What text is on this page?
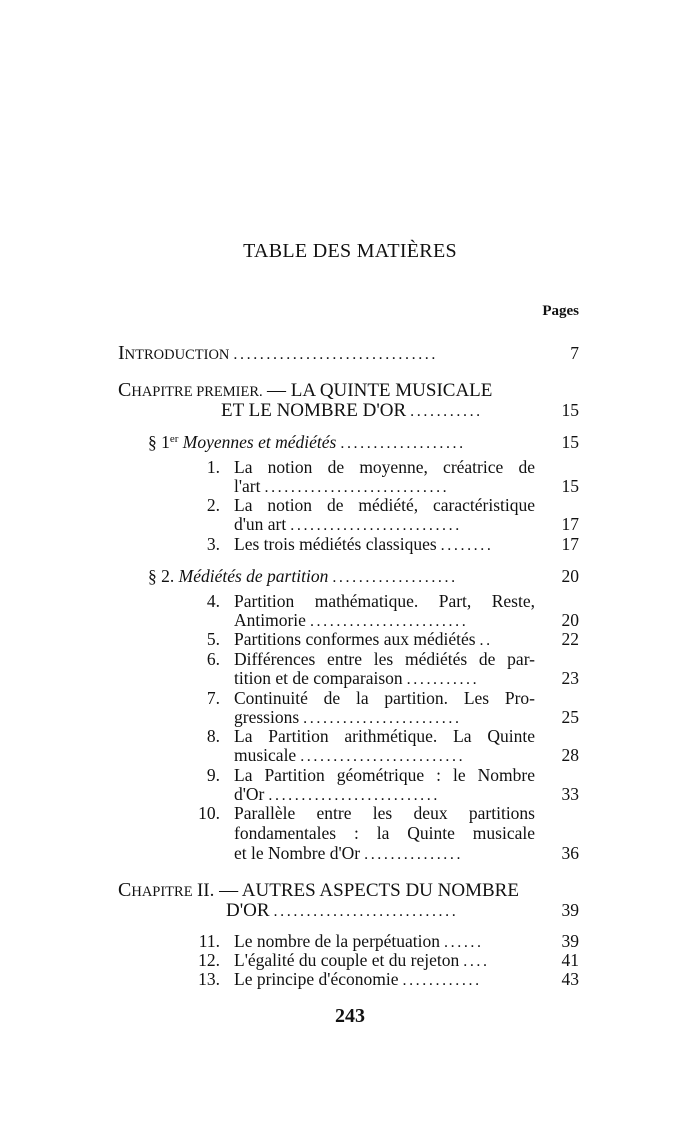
TABLE DES MATIÈRES
Pages
INTRODUCTION ...............................	7
CHAPITRE PREMIER. — LA QUINTE MUSICALE
ET LE NOMBRE D'OR ...........	15
§ 1er Moyennes et médiétés ...................	15
1. La notion de moyenne, créatrice de
l'art ............................	15
2. La notion de médiété, caractéristique
d'un art ..........................	17
3. Les trois médiétés classiques ........	17
§ 2. Médiétés de partition ...................	20
4. Partition mathématique. Part, Reste,
Antimorie ........................	20
5. Partitions conformes aux médiétés ..	22
6. Différences entre les médiétés de par-
tition et de comparaison ...........	23
7. Continuité de la partition. Les Pro-
gressions ........................	25
8. La Partition arithmétique. La Quinte
musicale .........................	28
9. La Partition géométrique : le Nombre
d'Or ..........................	33
10. Parallèle entre les deux partitions
fondamentales : la Quinte musicale
et le Nombre d'Or ...............	36
CHAPITRE II. — AUTRES ASPECTS DU NOMBRE
D'OR ............................	39
11. Le nombre de la perpétuation ......	39
12. L'égalité du couple et du rejeton ....	41
13. Le principe d'économie ............	43
243
